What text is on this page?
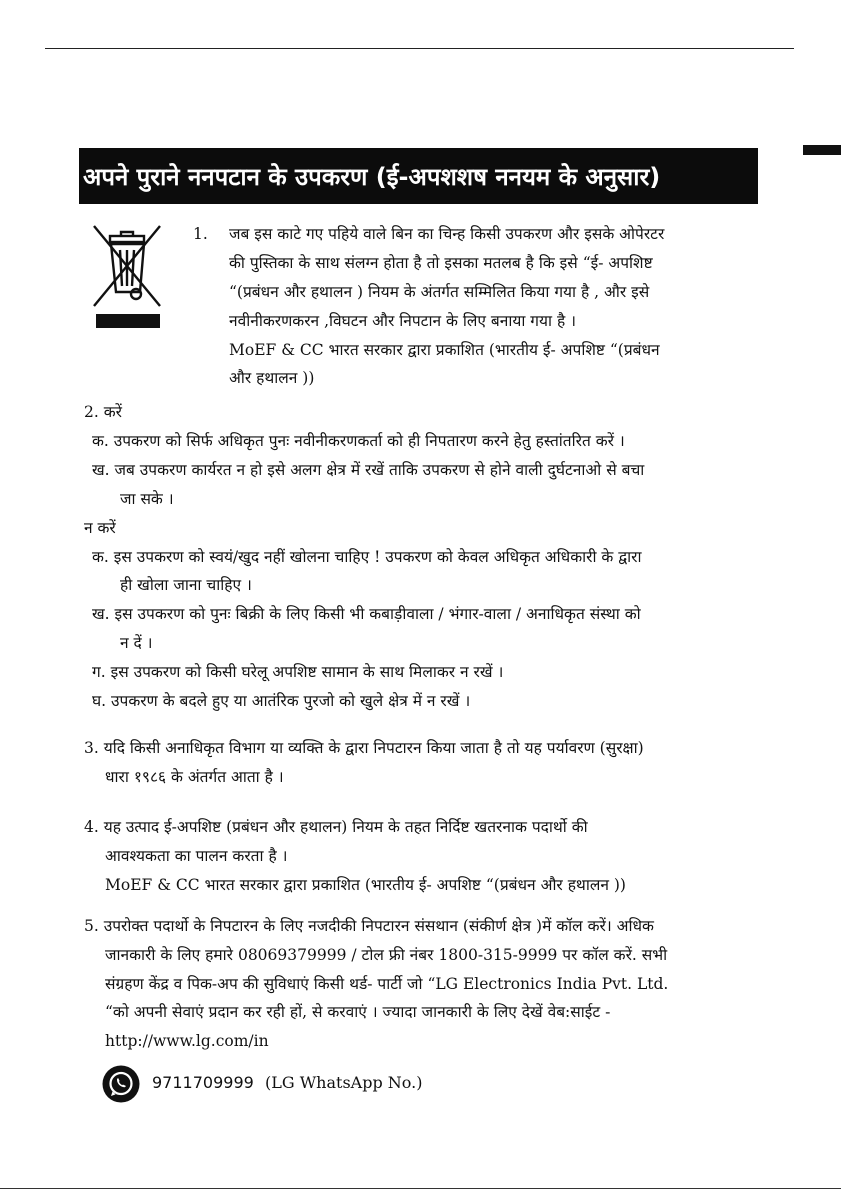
अपने पुराने ननपटान के उपकरण (ई-अपशशष ननयम के अनुसार)
1. जब इस काटे गए पहिये वाले बिन का चिन्ह किसी उपकरण और इसके ओपेरटर
की पुस्तिका के साथ संलग्न होता है तो इसका मतलब है कि इसे “ई- अपशिष्ट
“(प्रबंधन और हथालन ) नियम के अंतर्गत सम्मिलित किया गया है , और इसे
नवीनीकरणकरन ,विघटन और निपटान के लिए बनाया गया है ।
MoEF & CC भारत सरकार द्वारा प्रकाशित (भारतीय ई- अपशिष्ट “(प्रबंधन
और हथालन ))
2. करें
क. उपकरण को सिर्फ अधिकृत पुनः नवीनीकरणकर्ता को ही निपतारण करने हेतु हस्तांतरित करें ।
ख. जब उपकरण कार्यरत न हो इसे अलग क्षेत्र में रखें ताकि उपकरण से होने वाली दुर्घटनाओ से बचा
जा सके ।
न करें
क. इस उपकरण को स्वयं/खुद नहीं खोलना चाहिए ! उपकरण को केवल अधिकृत अधिकारी के द्वारा
ही खोला जाना चाहिए ।
ख. इस उपकरण को पुनः बिक्री के लिए किसी भी कबाड़ीवाला / भंगार-वाला / अनाधिकृत संस्था को
न दें ।
ग. इस उपकरण को किसी घरेलू अपशिष्ट सामान के साथ मिलाकर न रखें ।
घ. उपकरण के बदले हुए या आतंरिक पुरजो को खुले क्षेत्र में न रखें ।
3. यदि किसी अनाधिकृत विभाग या व्यक्ति के द्वारा निपटारन किया जाता है तो यह पर्यावरण (सुरक्षा)
धारा १९८६ के अंतर्गत आता है ।
4. यह उत्पाद ई-अपशिष्ट (प्रबंधन और हथालन) नियम के तहत निर्दिष्ट खतरनाक पदार्थो की
आवश्यकता का पालन करता है ।
MoEF & CC भारत सरकार द्वारा प्रकाशित (भारतीय ई- अपशिष्ट “(प्रबंधन और हथालन ))
5. उपरोक्त पदार्थो के निपटारन के लिए नजदीकी निपटारन संसथान (संकीर्ण क्षेत्र )में कॉल करें। अधिक
जानकारी के लिए हमारे 08069379999 / टोल फ्री नंबर 1800-315-9999 पर कॉल करें. सभी
संग्रहण केंद्र व पिक-अप की सुविधाएं किसी थर्ड- पार्टी जो “LG Electronics India Pvt. Ltd.
“को अपनी सेवाएं प्रदान कर रही हों, से करवाएं । ज्यादा जानकारी के लिए देखें वेब:साईट -
http://www.lg.com/in
9711709999 (LG WhatsApp No.)
